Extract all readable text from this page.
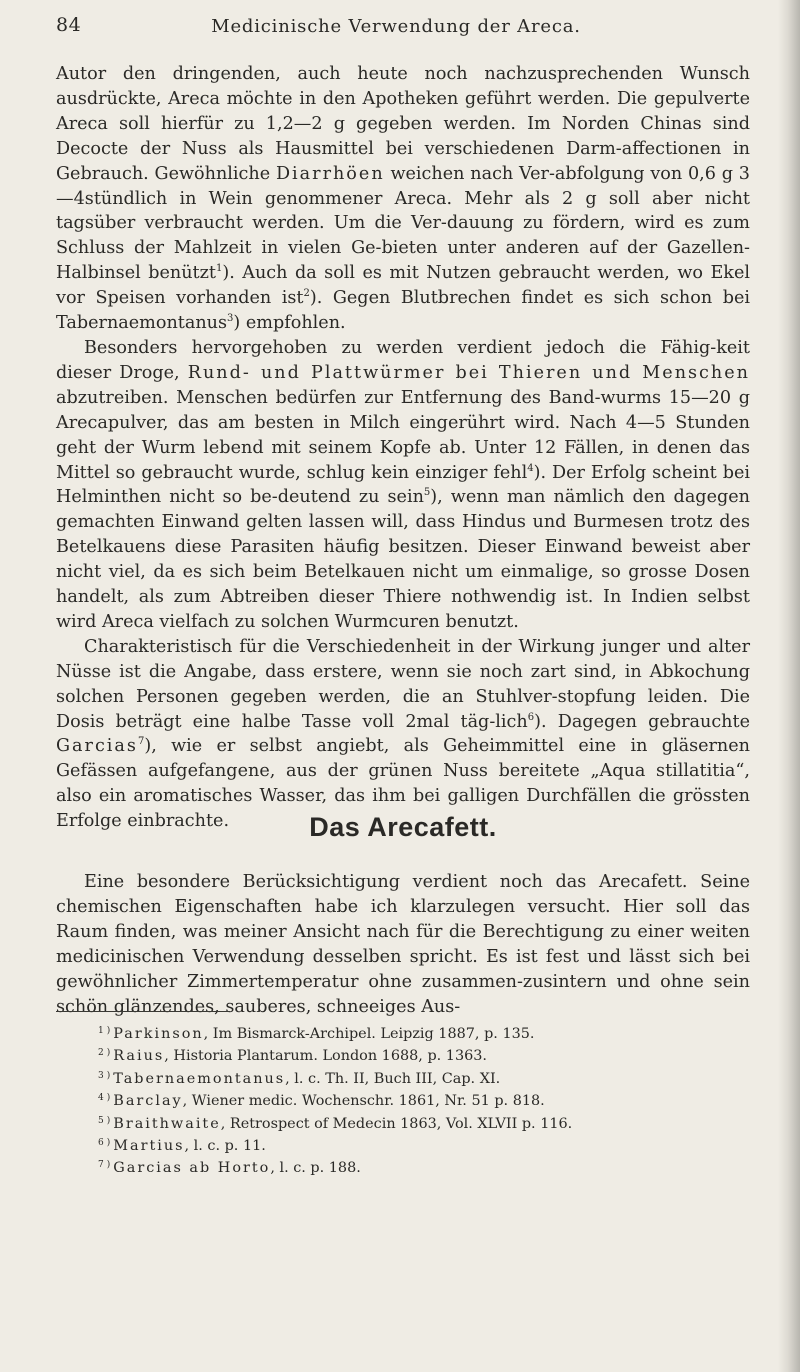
84	Medicinische Verwendung der Areca.

Autor den dringenden, auch heute noch nachzusprechenden Wunsch ausdrückte, Areca möchte in den Apotheken geführt werden. Die gepulverte Areca soll hierfür zu 1,2—2 g gegeben werden. Im Norden Chinas sind Decocte der Nuss als Hausmittel bei verschiedenen Darm-affectionen in Gebrauch. Gewöhnliche Diarrhöen weichen nach Ver-abfolgung von 0,6 g 3—4stündlich in Wein genommener Areca. Mehr als 2 g soll aber nicht tagsüber verbraucht werden. Um die Ver-dauung zu fördern, wird es zum Schluss der Mahlzeit in vielen Ge-bieten unter anderen auf der Gazellen-Halbinsel benützt$^1$). Auch da soll es mit Nutzen gebraucht werden, wo Ekel vor Speisen vorhanden ist$^2$). Gegen Blutbrechen findet es sich schon bei Tabernaemontanus$^3$) empfohlen.

Besonders hervorgehoben zu werden verdient jedoch die Fähig-keit dieser Droge, Rund- und Plattwürmer bei Thieren und Menschen abzutreiben. Menschen bedürfen zur Entfernung des Band-wurms 15—20 g Arecapulver, das am besten in Milch eingerührt wird. Nach 4—5 Stunden geht der Wurm lebend mit seinem Kopfe ab. Unter 12 Fällen, in denen das Mittel so gebraucht wurde, schlug kein einziger fehl$^4$). Der Erfolg scheint bei Helminthen nicht so be-deutend zu sein$^5$), wenn man nämlich den dagegen gemachten Einwand gelten lassen will, dass Hindus und Burmesen trotz des Betelkauens diese Parasiten häufig besitzen. Dieser Einwand beweist aber nicht viel, da es sich beim Betelkauen nicht um einmalige, so grosse Dosen handelt, als zum Abtreiben dieser Thiere nothwendig ist. In Indien selbst wird Areca vielfach zu solchen Wurmcuren benutzt.

Charakteristisch für die Verschiedenheit in der Wirkung junger und alter Nüsse ist die Angabe, dass erstere, wenn sie noch zart sind, in Abkochung solchen Personen gegeben werden, die an Stuhlver-stopfung leiden. Die Dosis beträgt eine halbe Tasse voll 2mal täg-lich$^6$). Dagegen gebrauchte Garcias$^7$), wie er selbst angiebt, als Geheimmittel eine in gläsernen Gefässen aufgefangene, aus der grünen Nuss bereitete „Aqua stillatitia“, also ein aromatisches Wasser, das ihm bei galligen Durchfällen die grössten Erfolge einbrachte.	Das Arecafett.

Eine besondere Berücksichtigung verdient noch das Arecafett. Seine chemischen Eigenschaften habe ich klarzulegen versucht. Hier soll das Raum finden, was meiner Ansicht nach für die Berechtigung zu einer weiten medicinischen Verwendung desselben spricht. Es ist fest und lässt sich bei gewöhnlicher Zimmertemperatur ohne zusammen-zusintern und ohne sein schön glänzendes, sauberes, schneeiges Aus-

$^1$ ) Parkinson, Im Bismarck-Archipel. Leipzig 1887, p. 135.
$^2$ ) Raius, Historia Plantarum. London 1688, p. 1363.
$^3$ ) Tabernaemontanus, l. c. Th. II, Buch III, Cap. XI.
$^4$ ) Barclay, Wiener medic. Wochenschr. 1861, Nr. 51 p. 818.
$^5$ ) Braithwaite, Retrospect of Medecin 1863, Vol. XLVII p. 116.
$^6$ ) Martius, l. c. p. 11.
$^7$ ) Garcias ab Horto, l. c. p. 188.
